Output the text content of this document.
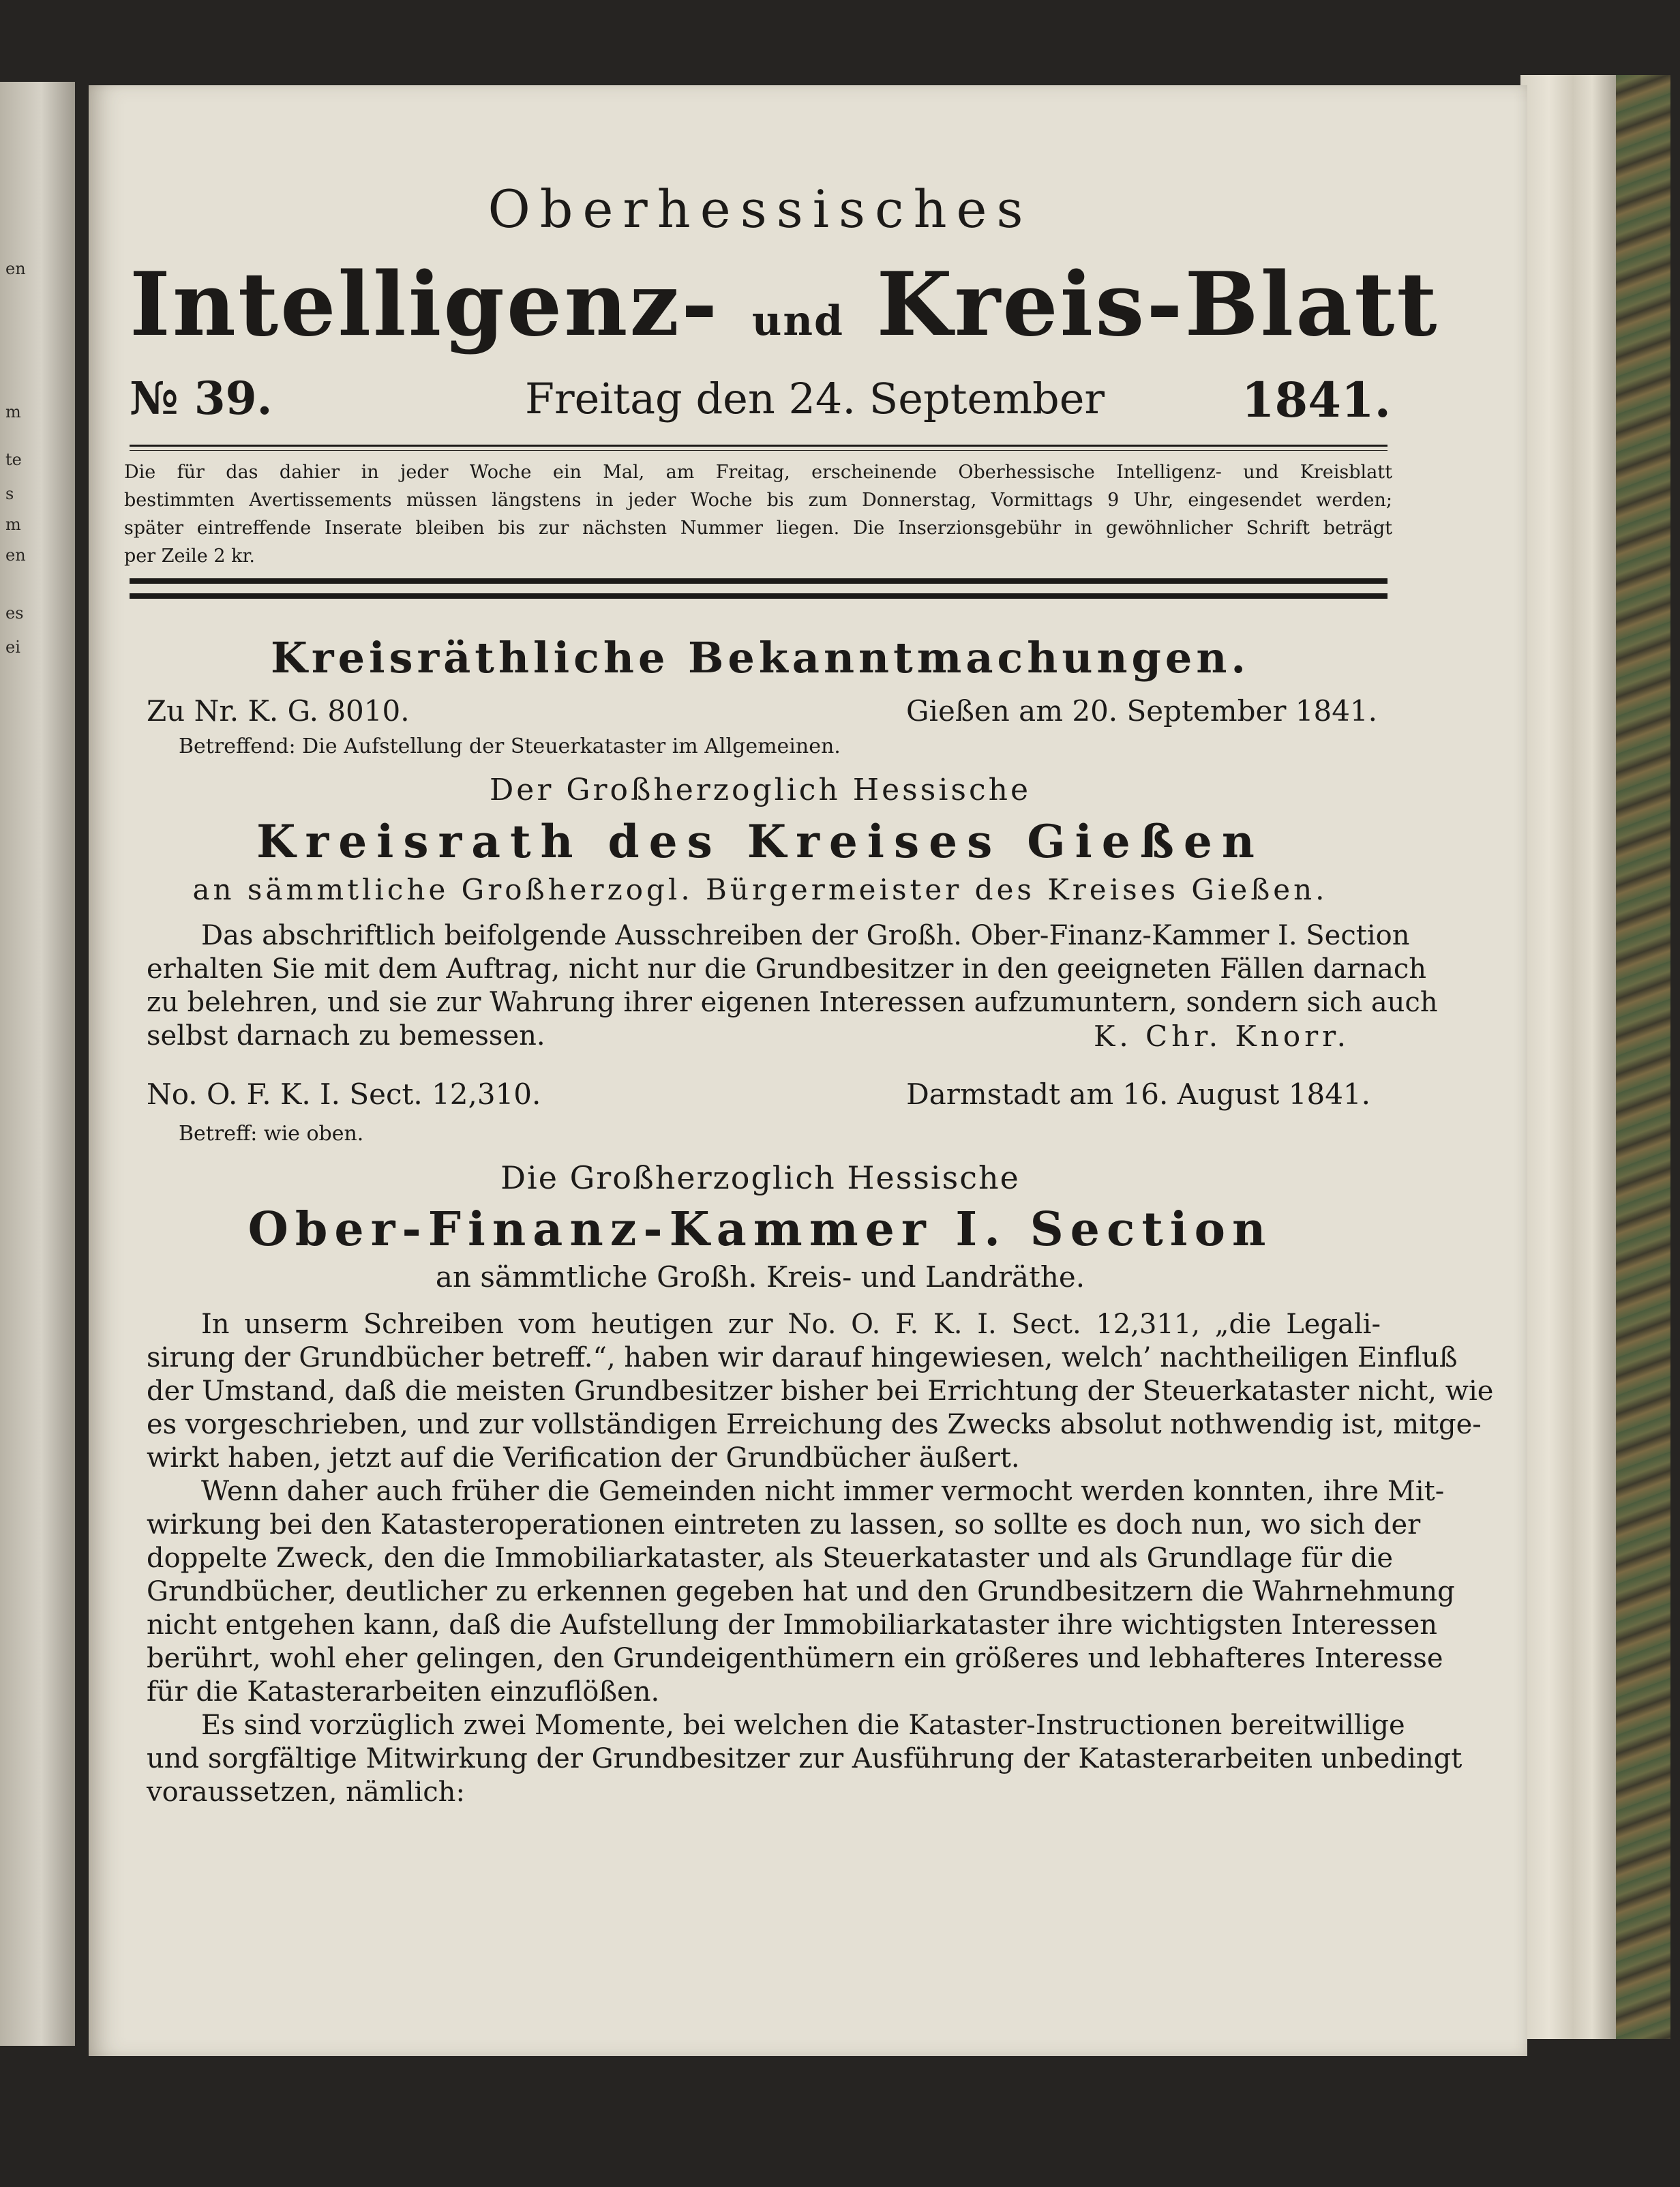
en
m
te
s
m
en
es
ei
Oberhessisches
Intelligenz- und Kreis-Blatt
№ 39.	Freitag den 24. September	1841.
Die für das dahier in jeder Woche ein Mal, am Freitag, erscheinende Oberhessische Intelligenz- und Kreisblatt
bestimmten Avertissements müssen längstens in jeder Woche bis zum Donnerstag, Vormittags 9 Uhr, eingesendet werden;
später eintreffende Inserate bleiben bis zur nächsten Nummer liegen. Die Inserzionsgebühr in gewöhnlicher Schrift beträgt
per Zeile 2 kr.
Kreisräthliche Bekanntmachungen.
Zu Nr. K. G. 8010.	Gießen am 20. September 1841.
Betreffend: Die Aufstellung der Steuerkataster im Allgemeinen.
Der Großherzoglich Hessische
Kreisrath des Kreises Gießen
an sämmtliche Großherzogl. Bürgermeister des Kreises Gießen.
Das abschriftlich beifolgende Ausschreiben der Großh. Ober-Finanz-Kammer I. Section
erhalten Sie mit dem Auftrag, nicht nur die Grundbesitzer in den geeigneten Fällen darnach
zu belehren, und sie zur Wahrung ihrer eigenen Interessen aufzumuntern, sondern sich auch
selbst darnach zu bemessen.	K. Chr. Knorr.
No. O. F. K. I. Sect. 12,310.	Darmstadt am 16. August 1841.
Betreff: wie oben.
Die Großherzoglich Hessische
Ober-Finanz-Kammer I. Section
an sämmtliche Großh. Kreis- und Landräthe.
In unserm Schreiben vom heutigen zur No. O. F. K. I. Sect. 12,311, „die Legali-
sirung der Grundbücher betreff.“, haben wir darauf hingewiesen, welch’ nachtheiligen Einfluß
der Umstand, daß die meisten Grundbesitzer bisher bei Errichtung der Steuerkataster nicht, wie
es vorgeschrieben, und zur vollständigen Erreichung des Zwecks absolut nothwendig ist, mitge-
wirkt haben, jetzt auf die Verification der Grundbücher äußert.
Wenn daher auch früher die Gemeinden nicht immer vermocht werden konnten, ihre Mit-
wirkung bei den Katasteroperationen eintreten zu lassen, so sollte es doch nun, wo sich der
doppelte Zweck, den die Immobiliarkataster, als Steuerkataster und als Grundlage für die
Grundbücher, deutlicher zu erkennen gegeben hat und den Grundbesitzern die Wahrnehmung
nicht entgehen kann, daß die Aufstellung der Immobiliarkataster ihre wichtigsten Interessen
berührt, wohl eher gelingen, den Grundeigenthümern ein größeres und lebhafteres Interesse
für die Katasterarbeiten einzuflößen.
Es sind vorzüglich zwei Momente, bei welchen die Kataster-Instructionen bereitwillige
und sorgfältige Mitwirkung der Grundbesitzer zur Ausführung der Katasterarbeiten unbedingt
voraussetzen, nämlich:
